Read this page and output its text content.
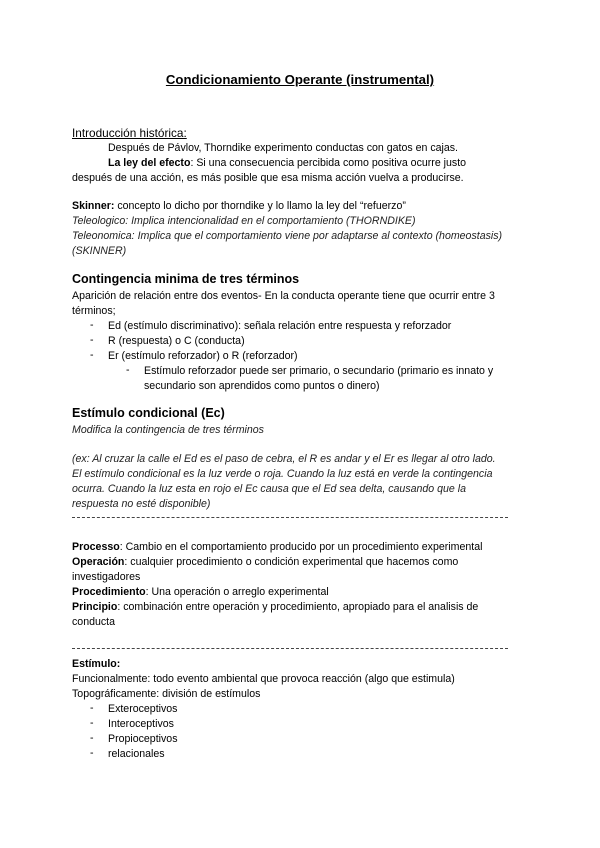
Condicionamiento Operante (instrumental)
Introducción histórica:
Después de Pávlov, Thorndike experimento conductas con gatos en cajas.
La ley del efecto: Si una consecuencia percibida como positiva ocurre justo
después de una acción, es más posible que esa misma acción vuelva a producirse.
Skinner: concepto lo dicho por thorndike y lo llamo la ley del “refuerzo”
Teleologico: Implica intencionalidad en el comportamiento (THORNDIKE)
Teleonomica: Implica que el comportamiento viene por adaptarse al contexto (homeostasis)
(SKINNER)
Contingencia minima de tres términos
Aparición de relación entre dos eventos- En la conducta operante tiene que ocurrir entre 3
términos;
- Ed (estímulo discriminativo): señala relación entre respuesta y reforzador
- R (respuesta) o C (conducta)
- Er (estímulo reforzador) o R (reforzador)
- Estímulo reforzador puede ser primario, o secundario (primario es innato y
secundario son aprendidos como puntos o dinero)
Estímulo condicional (Ec)
Modifica la contingencia de tres términos
(ex: Al cruzar la calle el Ed es el paso de cebra, el R es andar y el Er es llegar al otro lado.
El estímulo condicional es la luz verde o roja. Cuando la luz está en verde la contingencia
ocurra. Cuando la luz esta en rojo el Ec causa que el Ed sea delta, causando que la
respuesta no esté disponible)
Processo: Cambio en el comportamiento producido por un procedimiento experimental
Operación: cualquier procedimiento o condición experimental que hacemos como
investigadores
Procedimiento: Una operación o arreglo experimental
Principio: combinación entre operación y procedimiento, apropiado para el analisis de
conducta
Estímulo:
Funcionalmente: todo evento ambiental que provoca reacción (algo que estimula)
Topográficamente: división de estímulos
- Exteroceptivos
- Interoceptivos
- Propioceptivos
- relacionales
